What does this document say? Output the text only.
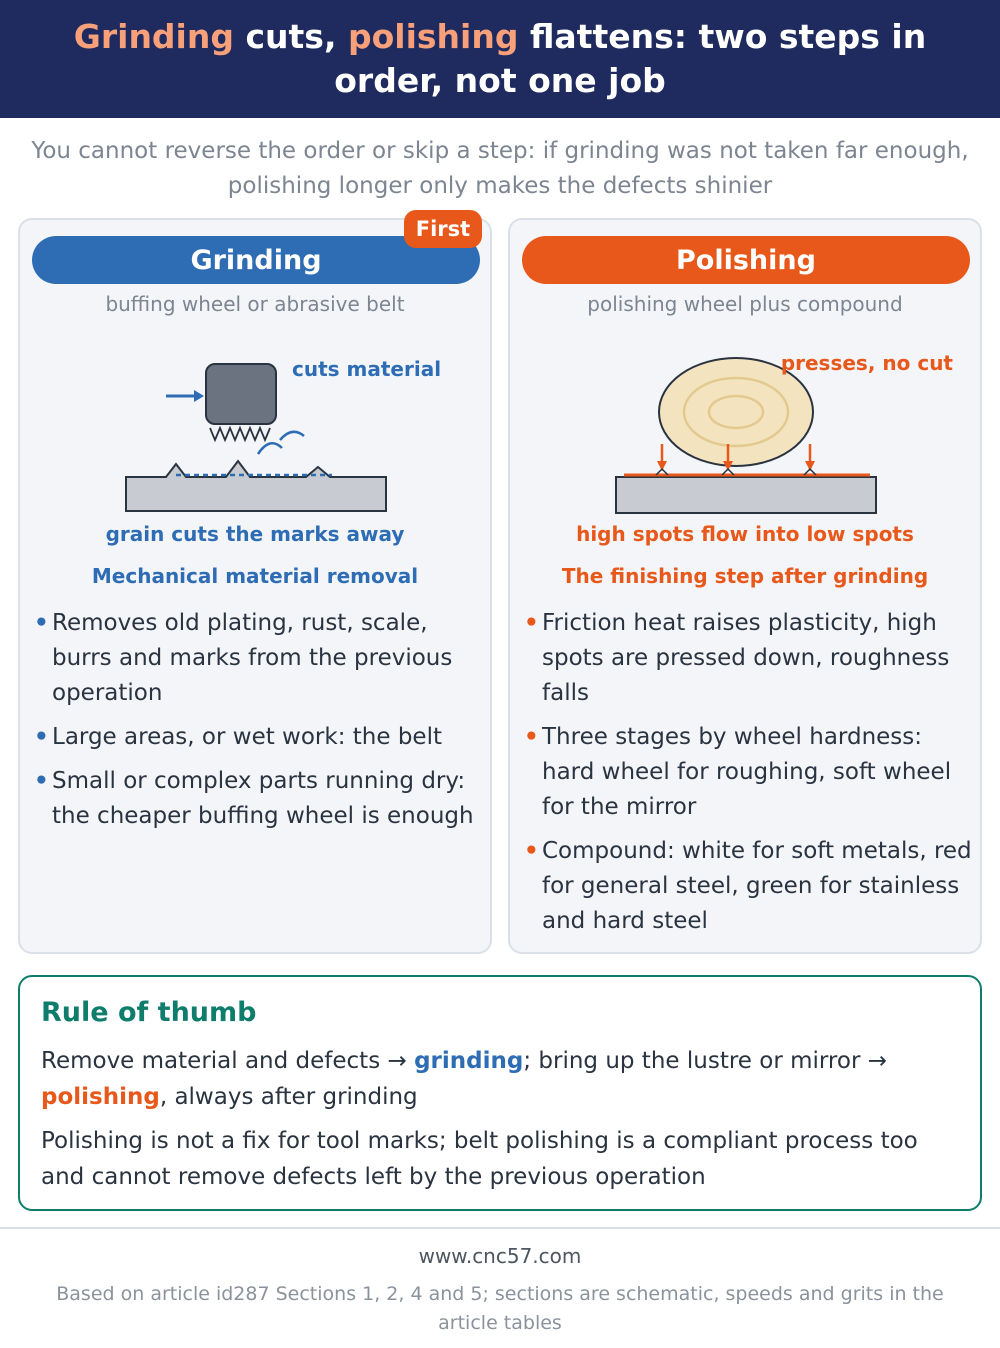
Grinding cuts, polishing flattens: two steps in order, not one job
You cannot reverse the order or skip a step: if grinding was not taken far enough, polishing longer only makes the defects shinier
Grinding
First
buffing wheel or abrasive belt
cuts material
grain cuts the marks away
Mechanical material removal
• Removes old plating, rust, scale, burrs and marks from the previous operation
• Large areas, or wet work: the belt
• Small or complex parts running dry: the cheaper buffing wheel is enough
Polishing
polishing wheel plus compound
presses, no cut
high spots flow into low spots
The finishing step after grinding
• Friction heat raises plasticity, high spots are pressed down, roughness falls
• Three stages by wheel hardness: hard wheel for roughing, soft wheel for the mirror
• Compound: white for soft metals, red for general steel, green for stainless and hard steel
Rule of thumb

Remove material and defects → grinding; bring up the lustre or mirror → polishing, always after grinding

Polishing is not a fix for tool marks; belt polishing is a compliant process too and cannot remove defects left by the previous operation

www.cnc57.com
Based on article id287 Sections 1, 2, 4 and 5; sections are schematic, speeds and grits in the article tables
